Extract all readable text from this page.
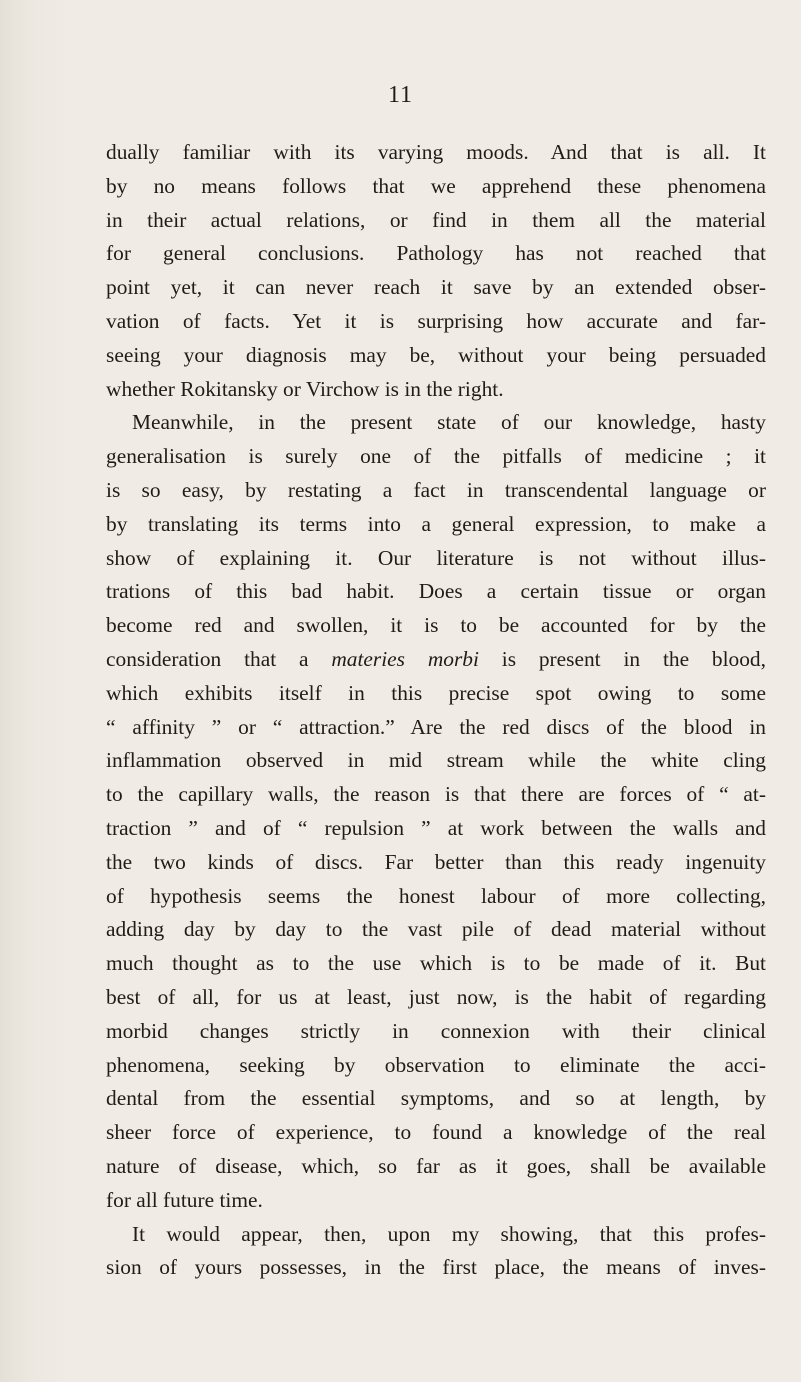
11
dually familiar with its varying moods. And that is all. It
by no means follows that we apprehend these phenomena
in their actual relations, or find in them all the material
for general conclusions. Pathology has not reached that
point yet, it can never reach it save by an extended obser-
vation of facts. Yet it is surprising how accurate and far-
seeing your diagnosis may be, without your being persuaded
whether Rokitansky or Virchow is in the right.
Meanwhile, in the present state of our knowledge, hasty
generalisation is surely one of the pitfalls of medicine ; it
is so easy, by restating a fact in transcendental language or
by translating its terms into a general expression, to make a
show of explaining it. Our literature is not without illus-
trations of this bad habit. Does a certain tissue or organ
become red and swollen, it is to be accounted for by the
consideration that a materies morbi is present in the blood,
which exhibits itself in this precise spot owing to some
“ affinity ” or “ attraction.” Are the red discs of the blood in
inflammation observed in mid stream while the white cling
to the capillary walls, the reason is that there are forces of “ at-
traction ” and of “ repulsion ” at work between the walls and
the two kinds of discs. Far better than this ready ingenuity
of hypothesis seems the honest labour of more collecting,
adding day by day to the vast pile of dead material without
much thought as to the use which is to be made of it. But
best of all, for us at least, just now, is the habit of regarding
morbid changes strictly in connexion with their clinical
phenomena, seeking by observation to eliminate the acci-
dental from the essential symptoms, and so at length, by
sheer force of experience, to found a knowledge of the real
nature of disease, which, so far as it goes, shall be available
for all future time.
It would appear, then, upon my showing, that this profes-
sion of yours possesses, in the first place, the means of inves-
